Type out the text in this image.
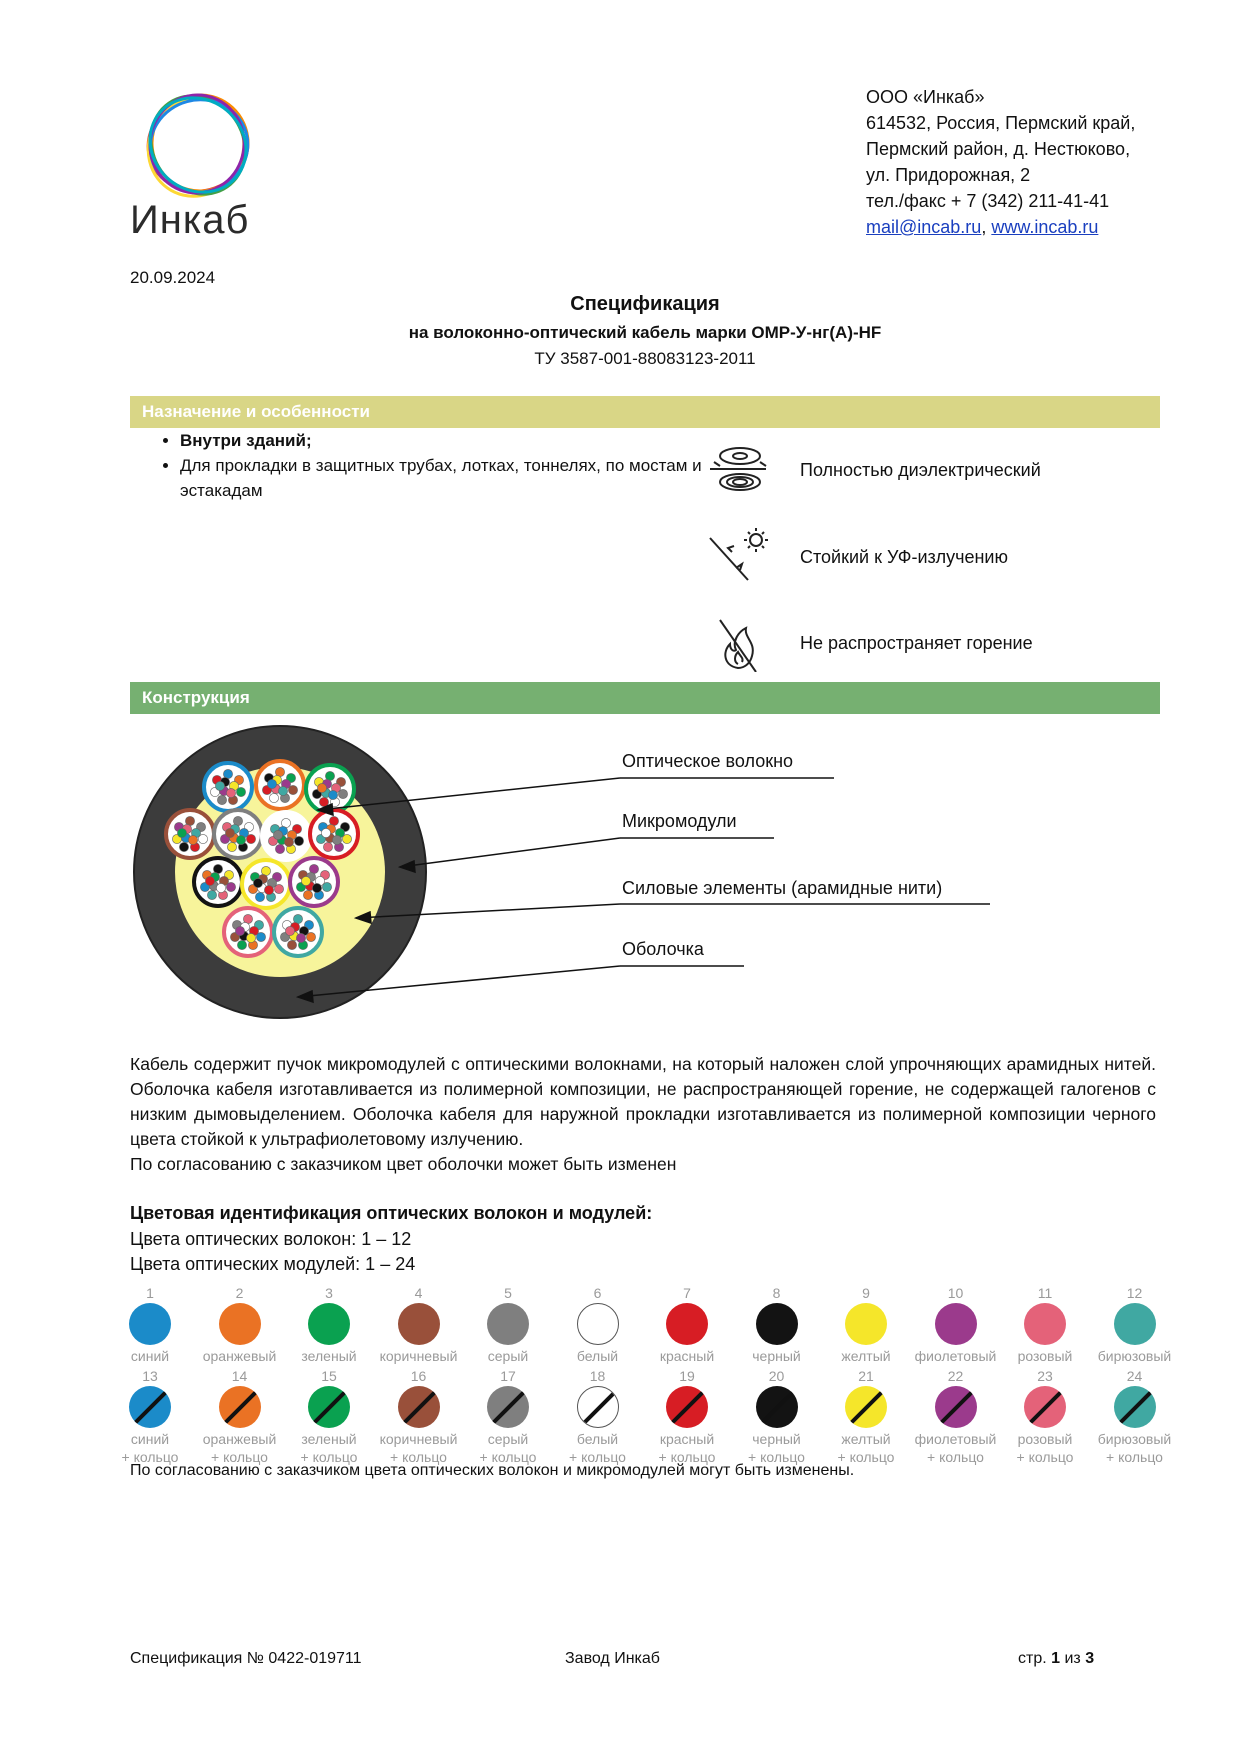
Инкаб
ООО «Инкаб»
614532, Россия, Пермский край,
Пермский район, д. Нестюково,
ул. Придорожная, 2
тел./факс + 7 (342) 211-41-41
mail@incab.ru, www.incab.ru
20.09.2024
Спецификация
на волоконно-оптический кабель марки ОМР-У-нг(А)-HF
ТУ 3587-001-88083123-2011
Назначение и особенности
• Внутри зданий;
• Для прокладки в защитных трубах, лотках, тоннелях, по мостам и эстакадам
Полностью диэлектрический
Стойкий к УФ-излучению
Не распространяет горение
Конструкция
Оптическое волокно
Микромодули
Силовые элементы (арамидные нити)
Оболочка

Кабель содержит пучок микромодулей с оптическими волокнами, на который наложен слой упрочняющих арамидных нитей. Оболочка кабеля изготавливается из полимерной композиции, не распространяющей горение, не содержащей галогенов с низким дымовыделением. Оболочка кабеля для наружной прокладки изготавливается из полимерной композиции черного цвета стойкой к ультрафиолетовому излучению.

По согласованию с заказчиком цвет оболочки может быть изменен

Цветовая идентификация оптических волокон и модулей:
Цвета оптических волокон: 1 – 12
Цвета оптических модулей: 1 – 24
1
синий
13
синий
+ кольцо
2
оранжевый
14
оранжевый
+ кольцо
3
зеленый
15
зеленый
+ кольцо
4
коричневый
16
коричневый
+ кольцо
5
серый
17
серый
+ кольцо
6
белый
18
белый
+ кольцо
7
красный
19
красный
+ кольцо
8
черный
20
черный
+ кольцо
9
желтый
21
желтый
+ кольцо
10
фиолетовый
22
фиолетовый
+ кольцо
11
розовый
23
розовый
+ кольцо
12
бирюзовый
24
бирюзовый
+ кольцо
По согласованию с заказчиком цвета оптических волокон и микромодулей могут быть изменены.
Спецификация № 0422-019711	Завод Инкаб	стр. 1 из 3
